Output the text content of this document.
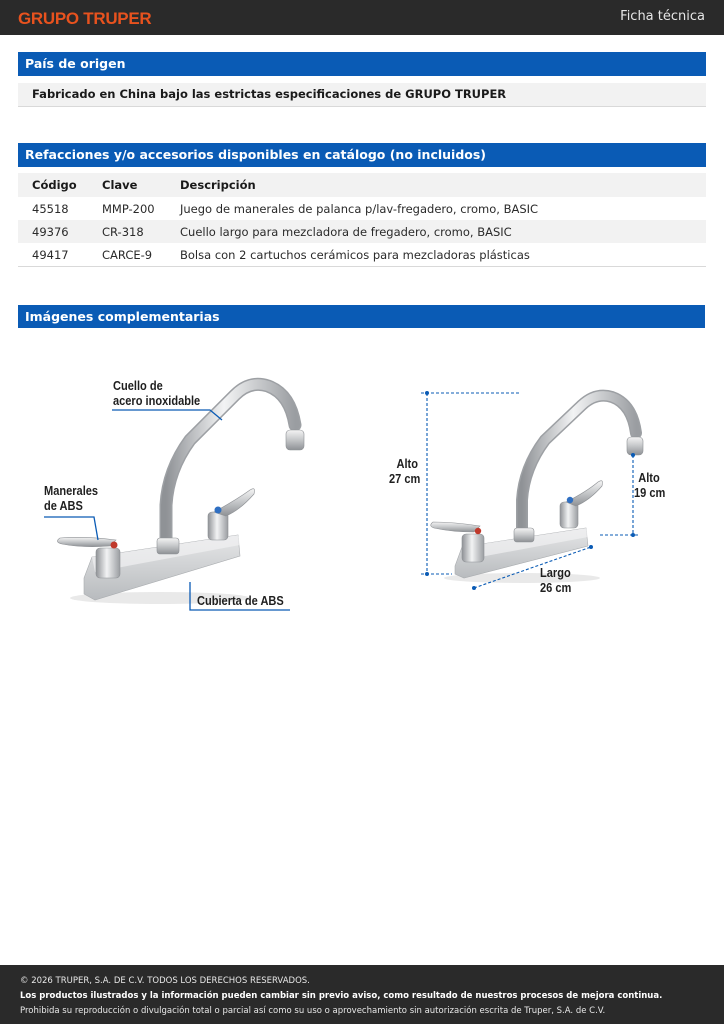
GRUPO TRUPER	Ficha técnica
País de origen
Fabricado en China bajo las estrictas especificaciones de GRUPO TRUPER
Refacciones y/o accesorios disponibles en catálogo (no incluidos)
Código	Clave	Descripción
45518	MMP-200	Juego de manerales de palanca p/lav-fregadero, cromo, BASIC
49376	CR-318	Cuello largo para mezcladora de fregadero, cromo, BASIC
49417	CARCE-9	Bolsa con 2 cartuchos cerámicos para mezcladoras plásticas
Imágenes complementarias
Cuello de
acero inoxidable
Manerales
de ABS
Cubierta de ABS
Alto
27 cm	Alto
19 cm
Largo
26 cm
© 2026 TRUPER, S.A. DE C.V. TODOS LOS DERECHOS RESERVADOS.
Los productos ilustrados y la información pueden cambiar sin previo aviso, como resultado de nuestros procesos de mejora continua.
Prohibida su reproducción o divulgación total o parcial así como su uso o aprovechamiento sin autorización escrita de Truper, S.A. de C.V.
